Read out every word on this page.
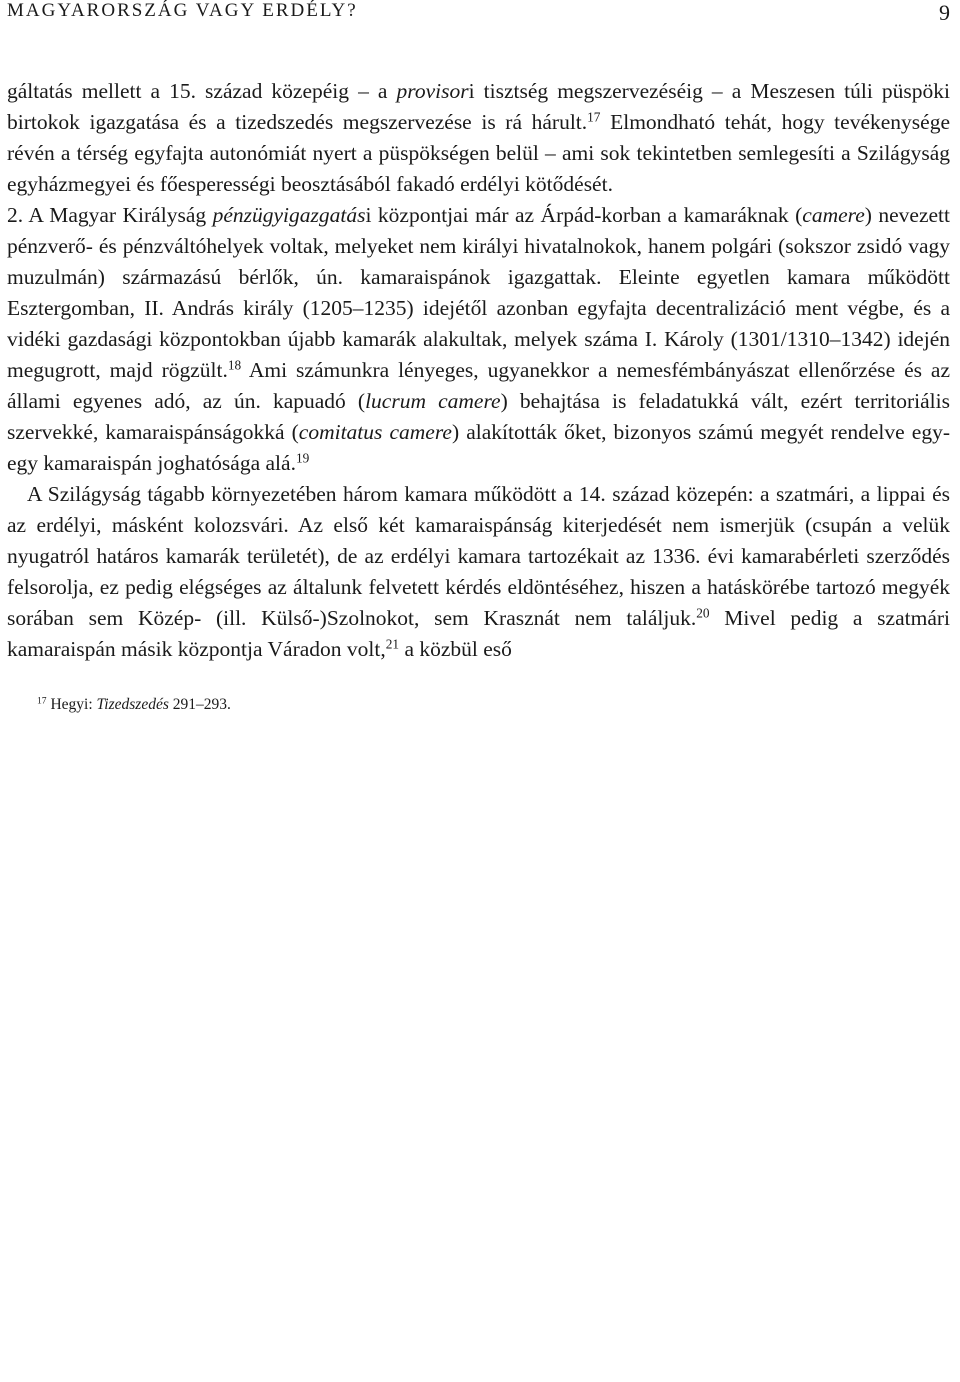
MAGYARORSZÁG VAGY ERDÉLY?	9

gáltatás mellett a 15. század közepéig – a provisori tisztség megszervezéséig – a Meszesen túli püspöki birtokok igazgatása és a tizedszedés megszervezése is rá hárult.$^{17}$ Elmondható tehát, hogy tevékenysége révén a térség egyfajta autonómiát nyert a püspökségen belül – ami sok tekintetben semlegesíti a Szilágyság egyházmegyei és főesperességi beosztásából fakadó erdélyi kötődését.

2. A Magyar Királyság pénzügyigazgatási központjai már az Árpád-korban a kamaráknak (camere) nevezett pénzverő- és pénzváltóhelyek voltak, melyeket nem királyi hivatalnokok, hanem polgári (sokszor zsidó vagy muzulmán) származású bérlők, ún. kamaraispánok igazgattak. Eleinte egyetlen kamara működött Esztergomban, II. András király (1205–1235) idejétől azonban egyfajta decentralizáció ment végbe, és a vidéki gazdasági központokban újabb kamarák alakultak, melyek száma I. Károly (1301/1310–1342) idején megugrott, majd rögzült.$^{18}$ Ami számunkra lényeges, ugyanekkor a nemesfémbányászat ellenőrzése és az állami egyenes adó, az ún. kapuadó (lucrum camere) behajtása is feladatukká vált, ezért territoriális szervekké, kamaraispánságokká (comitatus camere) alakították őket, bizonyos számú megyét rendelve egy-egy kamaraispán joghatósága alá.$^{19}$

A Szilágyság tágabb környezetében három kamara működött a 14. század közepén: a szatmári, a lippai és az erdélyi, másként kolozsvári. Az első két kamaraispánság kiterjedését nem ismerjük (csupán a velük nyugatról határos kamarák területét), de az erdélyi kamara tartozékait az 1336. évi kamarabérleti szerződés felsorolja, ez pedig elégséges az általunk felvetett kérdés eldöntéséhez, hiszen a hatáskörébe tartozó megyék sorában sem Közép- (ill. Külső-)Szolnokot, sem Krasznát nem találjuk.$^{20}$ Mivel pedig a szatmári kamaraispán másik központja Váradon volt,$^{21}$ a közbül eső

$^{17}$ Hegyi: Tizedszedés 291–293.
